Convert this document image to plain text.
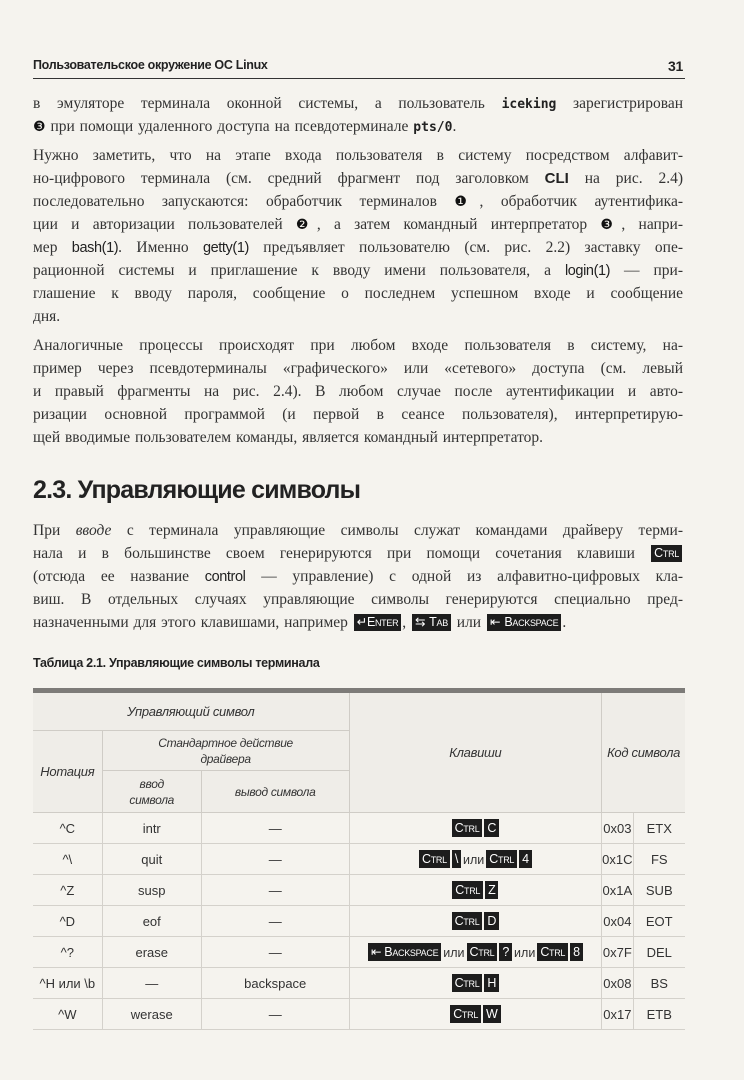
Пользовательское окружение ОС Linux	31
в эмуляторе терминала оконной системы, а пользователь iceking зарегистрирован
❸ при помощи удаленного доступа на псевдотерминале pts/0.
Нужно заметить, что на этапе входа пользователя в систему посредством алфавит-
но-цифрового терминала (см. средний фрагмент под заголовком CLI на рис. 2.4)
последовательно запускаются: обработчик терминалов ❶, обработчик аутентифика-
ции и авторизации пользователей ❷, а затем командный интерпретатор ❸, напри-
мер bash(1). Именно getty(1) предъявляет пользователю (см. рис. 2.2) заставку опе-
рационной системы и приглашение к вводу имени пользователя, а login(1) — при-
глашение к вводу пароля, сообщение о последнем успешном входе и сообщение
дня.
Аналогичные процессы происходят при любом входе пользователя в систему, на-
пример через псевдотерминалы «графического» или «сетевого» доступа (см. левый
и правый фрагменты на рис. 2.4). В любом случае после аутентификации и авто-
ризации основной программой (и первой в сеансе пользователя), интерпретирую-
щей вводимые пользователем команды, является командный интерпретатор.
2.3. Управляющие символы
При вводе с терминала управляющие символы служат командами драйверу терми-
нала и в большинстве своем генерируются при помощи сочетания клавиши Ctrl
(отсюда ее название control — управление) с одной из алфавитно-цифровых кла-
виш. В отдельных случаях управляющие символы генерируются специально пред-
назначенными для этого клавишами, например ↵Enter , ⇆ Tab или ⇤ Backspace .
Таблица 2.1. Управляющие символы терминала
Управляющий символ			Клавиши	Код символа	
Нотация	Стандартное действие драйвера				
	ввод символа	вывод символа			
^C	intr	—	Ctrl C	0x03	ETX
^\	quit	—	Ctrl \ или Ctrl 4	0x1C	FS
^Z	susp	—	Ctrl Z	0x1A	SUB
^D	eof	—	Ctrl D	0x04	EOT
^?	erase	—	⇤ Backspace или Ctrl ? или Ctrl 8	0x7F	DEL
^H или \b	—	backspace	Ctrl H	0x08	BS
^W	werase	—	Ctrl W	0x17	ETB
